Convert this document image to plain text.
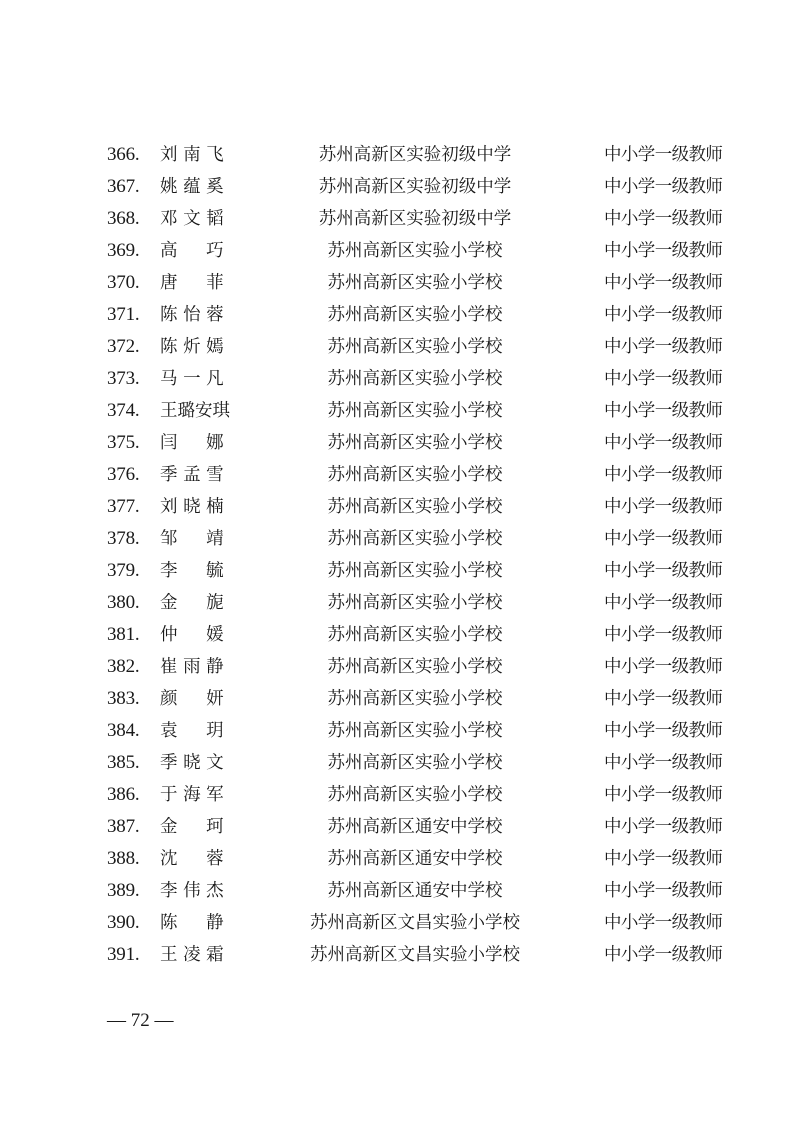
366.	刘 南 飞	苏州高新区实验初级中学	中小学一级教师
367.	姚 蕴 奚	苏州高新区实验初级中学	中小学一级教师
368.	邓 文 韬	苏州高新区实验初级中学	中小学一级教师
369.	高 　 巧	苏州高新区实验小学校	中小学一级教师
370.	唐 　 菲	苏州高新区实验小学校	中小学一级教师
371.	陈 怡 蓉	苏州高新区实验小学校	中小学一级教师
372.	陈 炘 嫣	苏州高新区实验小学校	中小学一级教师
373.	马 一 凡	苏州高新区实验小学校	中小学一级教师
374.	王璐安琪	苏州高新区实验小学校	中小学一级教师
375.	闫 　 娜	苏州高新区实验小学校	中小学一级教师
376.	季 孟 雪	苏州高新区实验小学校	中小学一级教师
377.	刘 晓 楠	苏州高新区实验小学校	中小学一级教师
378.	邹 　 靖	苏州高新区实验小学校	中小学一级教师
379.	李 　 毓	苏州高新区实验小学校	中小学一级教师
380.	金 　 旎	苏州高新区实验小学校	中小学一级教师
381.	仲 　 媛	苏州高新区实验小学校	中小学一级教师
382.	崔 雨 静	苏州高新区实验小学校	中小学一级教师
383.	颜 　 妍	苏州高新区实验小学校	中小学一级教师
384.	袁 　 玥	苏州高新区实验小学校	中小学一级教师
385.	季 晓 文	苏州高新区实验小学校	中小学一级教师
386.	于 海 军	苏州高新区实验小学校	中小学一级教师
387.	金 　 珂	苏州高新区通安中学校	中小学一级教师
388.	沈 　 蓉	苏州高新区通安中学校	中小学一级教师
389.	李 伟 杰	苏州高新区通安中学校	中小学一级教师
390.	陈 　 静	苏州高新区文昌实验小学校	中小学一级教师
391.	王 凌 霜	苏州高新区文昌实验小学校	中小学一级教师
— 72 —
